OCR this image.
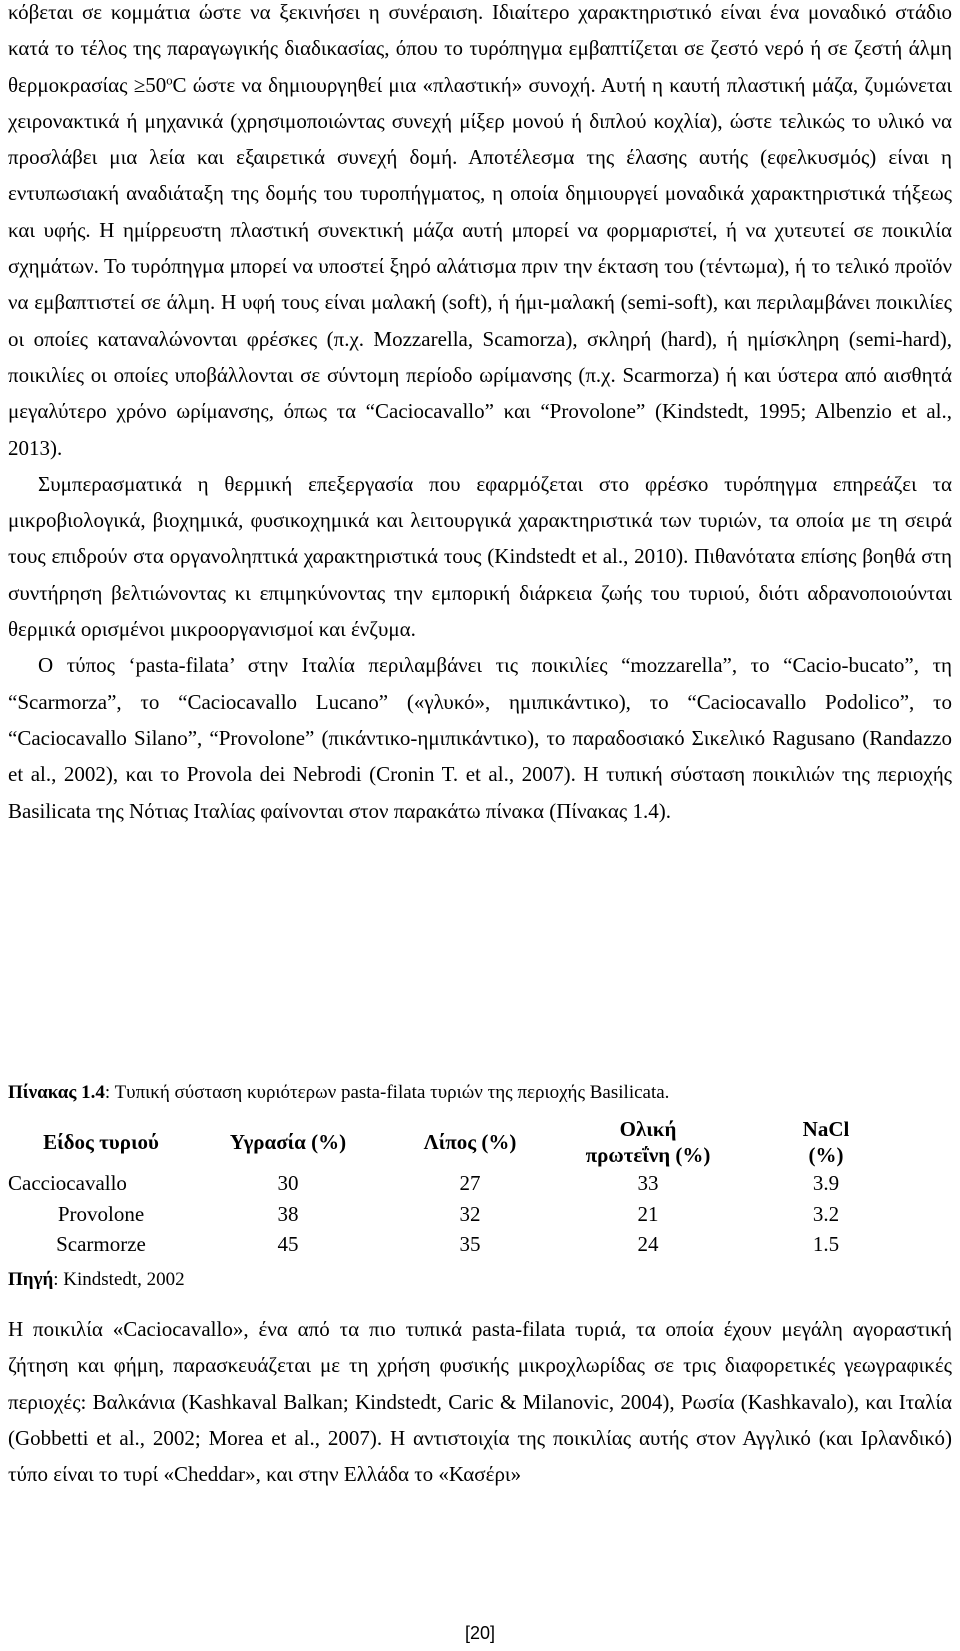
κόβεται σε κομμάτια ώστε να ξεκινήσει η συνέραιση. Ιδιαίτερο χαρακτηριστικό είναι ένα μοναδικό στάδιο κατά το τέλος της παραγωγικής διαδικασίας, όπου το τυρόπηγμα εμβαπτίζεται σε ζεστό νερό ή σε ζεστή άλμη $\theta\varepsilon\rho\mu o\kappa\rho\alpha\sigma ί\alpha\varsigma \ge 50^oC$ ώστε να δημιουργηθεί μια «πλαστική» συνοχή. Αυτή η καυτή πλαστική μάζα, ζυμώνεται χειρονακτικά ή μηχανικά (χρησιμοποιώντας συνεχή μίξερ μονού ή διπλού κοχλία), ώστε τελικώς το υλικό να προσλάβει μια λεία και εξαιρετικά συνεχή δομή. Αποτέλεσμα της έλασης αυτής (εφελκυσμός) είναι η εντυπωσιακή αναδιάταξη της δομής του τυροπήγματος, η οποία δημιουργεί μοναδικά χαρακτηριστικά τήξεως και υφής. Η ημίρρευστη πλαστική συνεκτική μάζα αυτή μπορεί να φορμαριστεί, ή να χυτευτεί σε ποικιλία σχημάτων. Το τυρόπηγμα μπορεί να υποστεί ξηρό αλάτισμα πριν την έκταση του (τέντωμα), ή το τελικό προϊόν να εμβαπτιστεί σε άλμη. Η υφή τους είναι μαλακή (soft), ή ήμι-μαλακή (semi-soft), και περιλαμβάνει ποικιλίες οι οποίες καταναλώνονται φρέσκες (π.χ. Mozzarella, Scamorza), σκληρή (hard), ή ημίσκληρη (semi-hard), ποικιλίες οι οποίες υποβάλλονται σε σύντομη περίοδο ωρίμανσης (π.χ. Scarmorza) ή και ύστερα από αισθητά μεγαλύτερο χρόνο ωρίμανσης, όπως τα “Caciocavallo” και “Provolone” (Kindstedt, 1995; Albenzio et al., 2013).

Συμπερασματικά η θερμική επεξεργασία που εφαρμόζεται στο φρέσκο τυρόπηγμα επηρεάζει τα μικροβιολογικά, βιοχημικά, φυσικοχημικά και λειτουργικά χαρακτηριστικά των τυριών, τα οποία με τη σειρά τους επιδρούν στα οργανοληπτικά χαρακτηριστικά τους (Kindstedt et al., 2010). Πιθανότατα επίσης βοηθά στη συντήρηση βελτιώνοντας κι επιμηκύνοντας την εμπορική διάρκεια ζωής του τυριού, διότι αδρανοποιούνται θερμικά ορισμένοι μικροοργανισμοί και ένζυμα.

Ο τύπος ‘pasta-filata’ στην Ιταλία περιλαμβάνει τις ποικιλίες “mozzarella”, το “Cacio-bucato”, τη “Scarmorza”, το “Caciocavallo Lucano” («γλυκό», ημιπικάντικο), το “Caciocavallo Podolico”, το “Caciocavallo Silano”, “Provolone” (πικάντικο-ημιπικάντικο), το παραδοσιακό Σικελικό Ragusano (Randazzo et al., 2002), και το Provola dei Nebrodi (Cronin T. et al., 2007). Η τυπική σύσταση ποικιλιών της περιοχής Basilicata της Νότιας Ιταλίας φαίνονται στον παρακάτω πίνακα (Πίνακας 1.4).

Πίνακας 1.4: Τυπική σύσταση κυριότερων pasta-filata τυριών της περιοχής Basilicata.
Είδος τυριού	Υγρασία (%)	Λίπος (%)	Ολική
πρωτεΐνη (%)	NaCl
(%)
Cacciocavallo	30	27	33	3.9
Provolone	38	32	21	3.2
Scarmorze	45	35	24	1.5
Πηγή: Kindstedt, 2002

Η ποικιλία «Caciocavallo», ένα από τα πιο τυπικά pasta-filata τυριά, τα οποία έχουν μεγάλη αγοραστική ζήτηση και φήμη, παρασκευάζεται με τη χρήση φυσικής μικροχλωρίδας σε τρις διαφορετικές γεωγραφικές περιοχές: Βαλκάνια (Kashkaval Balkan; Kindstedt, Caric & Milanovic, 2004), Ρωσία (Kashkavalo), και Ιταλία (Gobbetti et al., 2002; Morea et al., 2007). Η αντιστοιχία της ποικιλίας αυτής στον Αγγλικό (και Ιρλανδικό) τύπο είναι το τυρί «Cheddar», και στην Ελλάδα το «Κασέρι»

[20]
